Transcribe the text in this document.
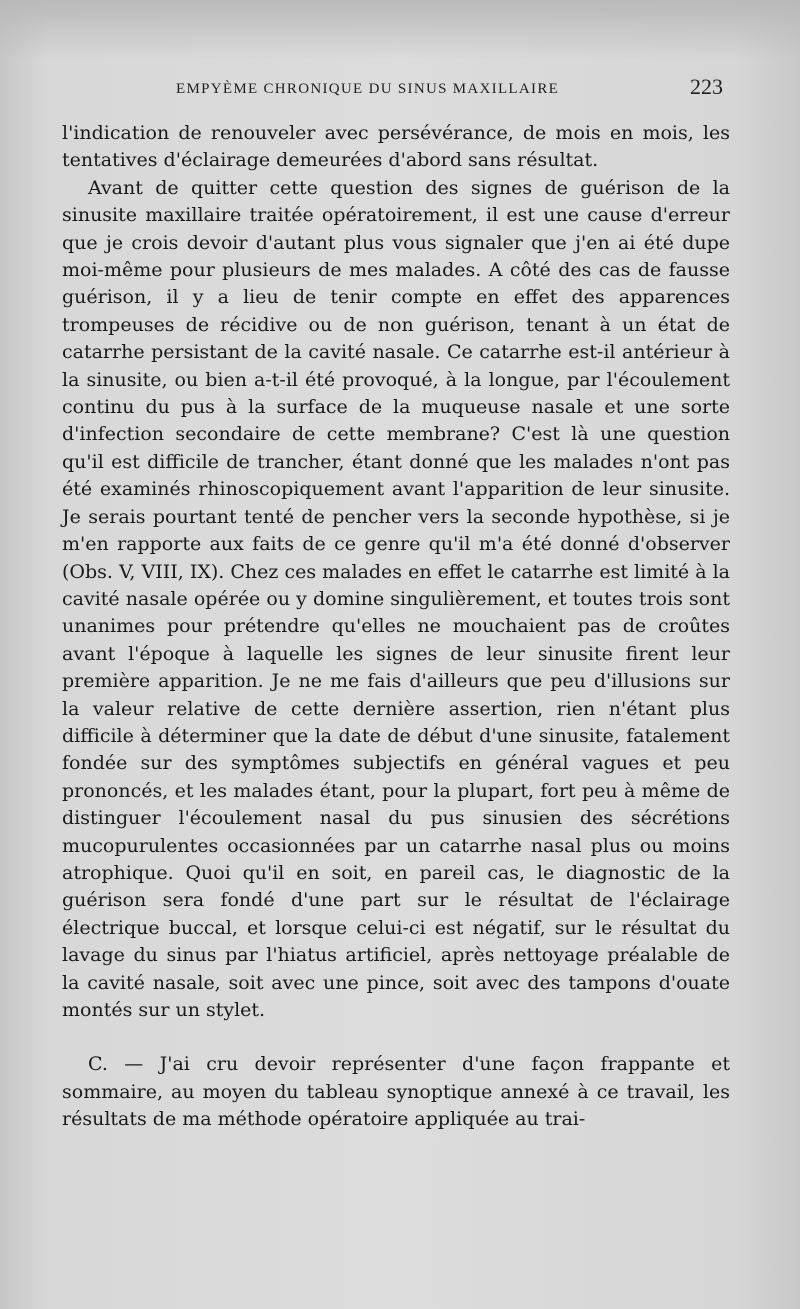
EMPYÈME CHRONIQUE DU SINUS MAXILLAIRE	223

l'indication de renouveler avec persévérance, de mois en mois, les tentatives d'éclairage demeurées d'abord sans résultat.

Avant de quitter cette question des signes de guérison de la sinusite maxillaire traitée opératoirement, il est une cause d'erreur que je crois devoir d'autant plus vous signaler que j'en ai été dupe moi-même pour plusieurs de mes malades. A côté des cas de fausse guérison, il y a lieu de tenir compte en effet des apparences trompeuses de récidive ou de non guérison, tenant à un état de catarrhe persistant de la cavité nasale. Ce catarrhe est-il antérieur à la sinusite, ou bien a-t-il été provoqué, à la longue, par l'écoulement continu du pus à la surface de la muqueuse nasale et une sorte d'infection secondaire de cette membrane? C'est là une question qu'il est difficile de trancher, étant donné que les malades n'ont pas été examinés rhinoscopiquement avant l'apparition de leur sinusite. Je serais pourtant tenté de pencher vers la seconde hypothèse, si je m'en rapporte aux faits de ce genre qu'il m'a été donné d'observer (Obs. V, VIII, IX). Chez ces malades en effet le catarrhe est limité à la cavité nasale opérée ou y domine singulièrement, et toutes trois sont unanimes pour prétendre qu'elles ne mouchaient pas de croûtes avant l'époque à laquelle les signes de leur sinusite firent leur première apparition. Je ne me fais d'ailleurs que peu d'illusions sur la valeur relative de cette dernière assertion, rien n'étant plus difficile à déterminer que la date de début d'une sinusite, fatalement fondée sur des symptômes subjectifs en général vagues et peu prononcés, et les malades étant, pour la plupart, fort peu à même de distinguer l'écoulement nasal du pus sinusien des sécrétions mucopurulentes occasionnées par un catarrhe nasal plus ou moins atrophique. Quoi qu'il en soit, en pareil cas, le diagnostic de la guérison sera fondé d'une part sur le résultat de l'éclairage électrique buccal, et lorsque celui-ci est négatif, sur le résultat du lavage du sinus par l'hiatus artificiel, après nettoyage préalable de la cavité nasale, soit avec une pince, soit avec des tampons d'ouate montés sur un stylet.

C. — J'ai cru devoir représenter d'une façon frappante et sommaire, au moyen du tableau synoptique annexé à ce travail, les résultats de ma méthode opératoire appliquée au trai-
